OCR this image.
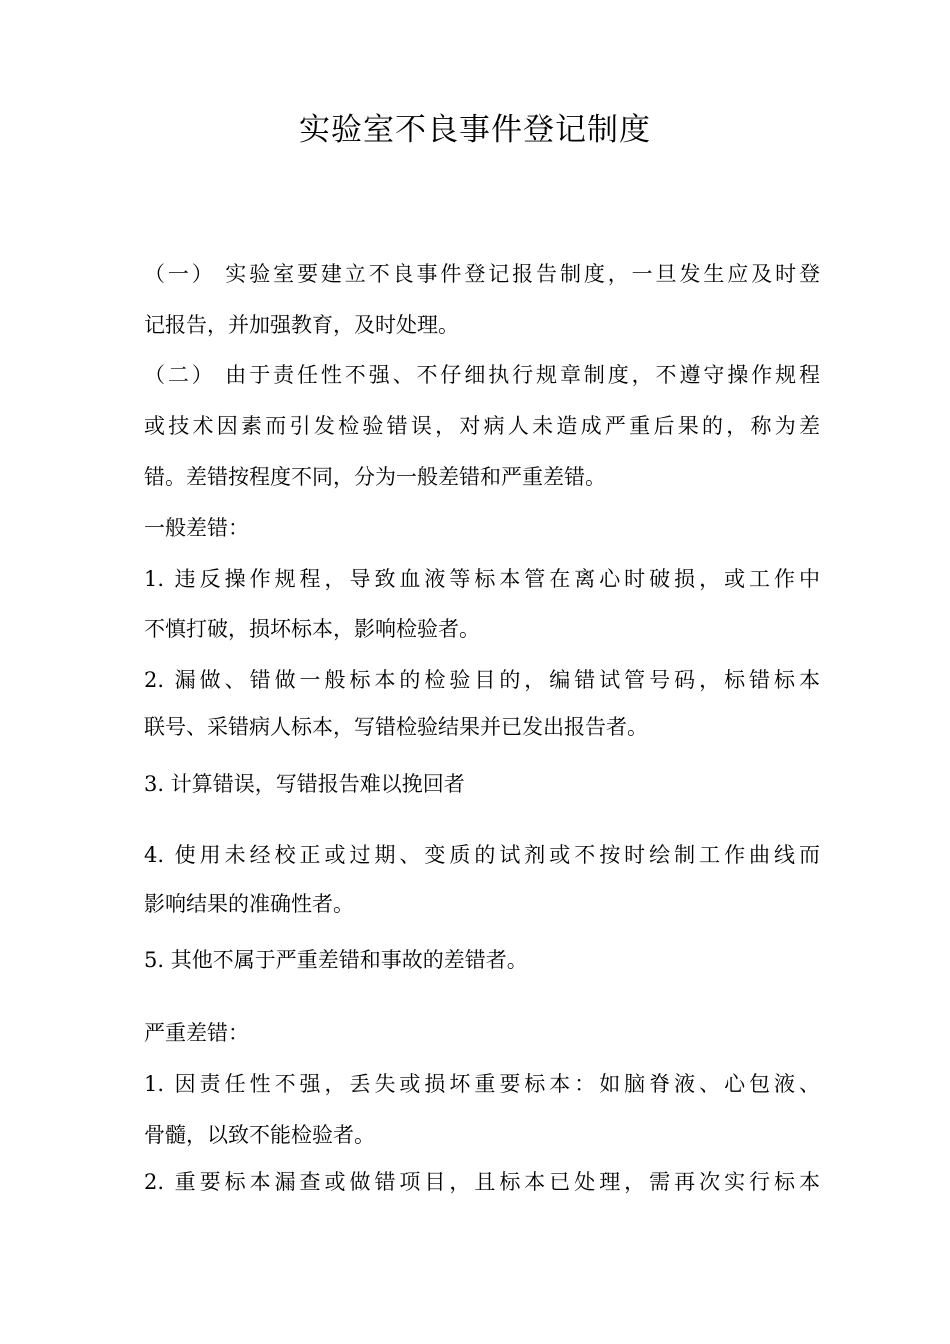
实验室不良事件登记制度
（一） 实验室要建立不良事件登记报告制度，一旦发生应及时登
记报告，并加强教育，及时处理。
（二） 由于责任性不强、不仔细执行规章制度，不遵守操作规程
或技术因素而引发检验错误，对病人未造成严重后果的，称为差
错。差错按程度不同，分为一般差错和严重差错。
一般差错：
1. 违反操作规程，导致血液等标本管在离心时破损，或工作中
不慎打破，损坏标本，影响检验者。
2. 漏做、错做一般标本的检验目的，编错试管号码，标错标本
联号、采错病人标本，写错检验结果并已发出报告者。
3. 计算错误，写错报告难以挽回者
4. 使用未经校正或过期、变质的试剂或不按时绘制工作曲线而
影响结果的准确性者。
5. 其他不属于严重差错和事故的差错者。
严重差错：
1. 因责任性不强，丢失或损坏重要标本：如脑脊液、心包液、
骨髓，以致不能检验者。
2. 重要标本漏查或做错项目，且标本已处理，需再次实行标本
